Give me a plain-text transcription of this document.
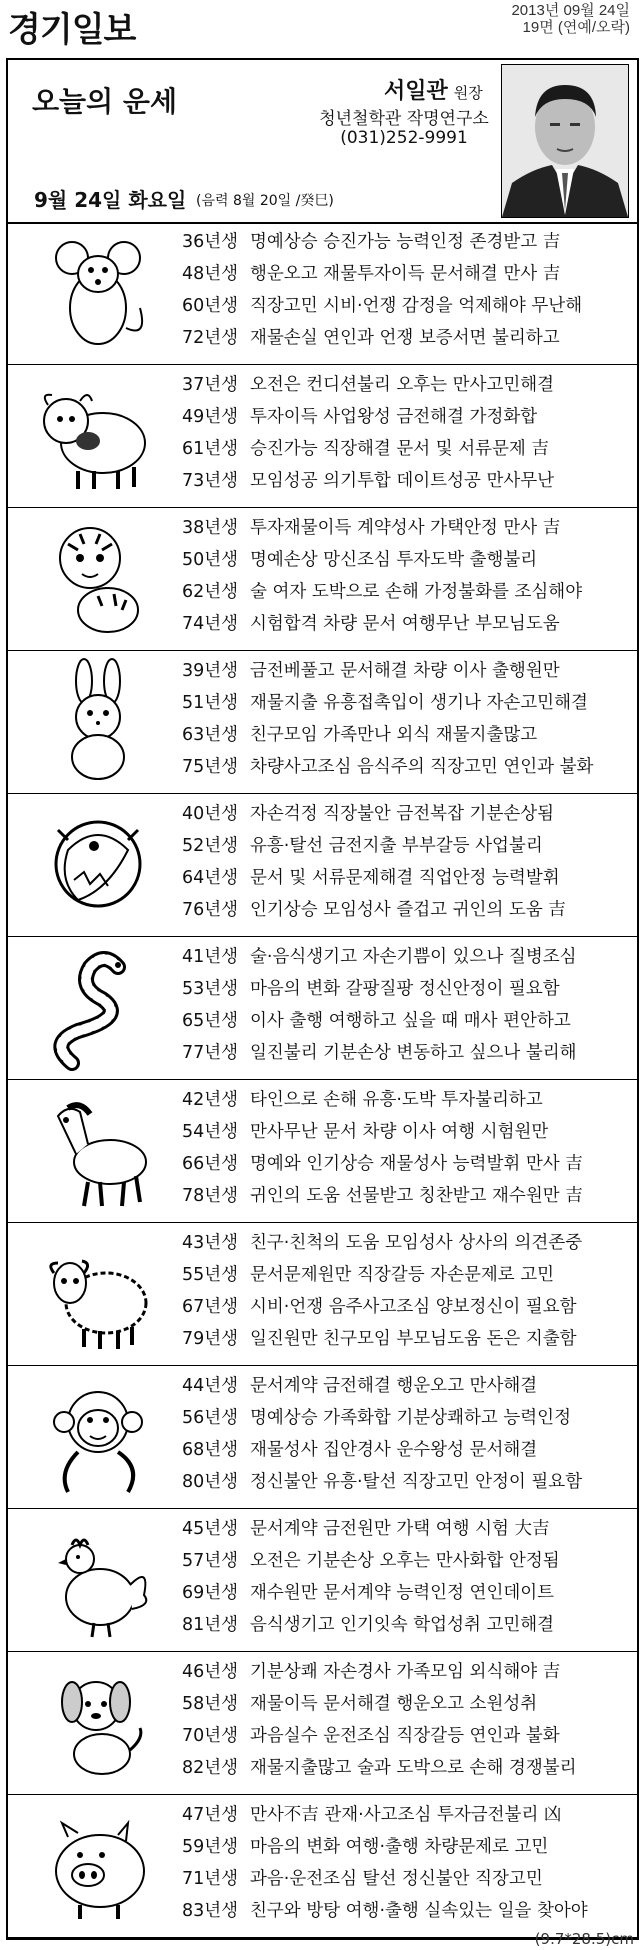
경기일보	2013년 09월 24일
19면 (연예/오락)
오늘의 운세	서일관 원장
청년철학관 작명연구소
(031)252-9991
9월 24일 화요일 (음력 8월 20일 /癸巳)
36년생 명예상승 승진가능 능력인정 존경받고 吉
48년생 행운오고 재물투자이득 문서해결 만사 吉
60년생 직장고민 시비·언쟁 감정을 억제해야 무난해
72년생 재물손실 연인과 언쟁 보증서면 불리하고
37년생 오전은 컨디션불리 오후는 만사고민해결
49년생 투자이득 사업왕성 금전해결 가정화합
61년생 승진가능 직장해결 문서 및 서류문제 吉
73년생 모임성공 의기투합 데이트성공 만사무난
38년생 투자재물이득 계약성사 가택안정 만사 吉
50년생 명예손상 망신조심 투자도박 출행불리
62년생 술 여자 도박으로 손해 가정불화를 조심해야
74년생 시험합격 차량 문서 여행무난 부모님도움
39년생 금전베풀고 문서해결 차량 이사 출행원만
51년생 재물지출 유흥접촉입이 생기나 자손고민해결
63년생 친구모임 가족만나 외식 재물지출많고
75년생 차량사고조심 음식주의 직장고민 연인과 불화
40년생 자손걱정 직장불안 금전복잡 기분손상됨
52년생 유흥·탈선 금전지출 부부갈등 사업불리
64년생 문서 및 서류문제해결 직업안정 능력발휘
76년생 인기상승 모임성사 즐겁고 귀인의 도움 吉
41년생 술·음식생기고 자손기쁨이 있으나 질병조심
53년생 마음의 변화 갈팡질팡 정신안정이 필요함
65년생 이사 출행 여행하고 싶을 때 매사 편안하고
77년생 일진불리 기분손상 변동하고 싶으나 불리해
42년생 타인으로 손해 유흥·도박 투자불리하고
54년생 만사무난 문서 차량 이사 여행 시험원만
66년생 명예와 인기상승 재물성사 능력발휘 만사 吉
78년생 귀인의 도움 선물받고 칭찬받고 재수원만 吉
43년생 친구·친척의 도움 모임성사 상사의 의견존중
55년생 문서문제원만 직장갈등 자손문제로 고민
67년생 시비·언쟁 음주사고조심 양보정신이 필요함
79년생 일진원만 친구모임 부모님도움 돈은 지출함
44년생 문서계약 금전해결 행운오고 만사해결
56년생 명예상승 가족화합 기분상쾌하고 능력인정
68년생 재물성사 집안경사 운수왕성 문서해결
80년생 정신불안 유흥·탈선 직장고민 안정이 필요함
45년생 문서계약 금전원만 가택 여행 시험 大吉
57년생 오전은 기분손상 오후는 만사화합 안정됨
69년생 재수원만 문서계약 능력인정 연인데이트
81년생 음식생기고 인기잇속 학업성취 고민해결
46년생 기분상쾌 자손경사 가족모임 외식해야 吉
58년생 재물이득 문서해결 행운오고 소원성취
70년생 과음실수 운전조심 직장갈등 연인과 불화
82년생 재물지출많고 술과 도박으로 손해 경쟁불리
47년생 만사不吉 관재·사고조심 투자금전불리 凶
59년생 마음의 변화 여행·출행 차량문제로 고민
71년생 과음·운전조심 탈선 정신불안 직장고민
83년생 친구와 방탕 여행·출행 실속있는 일을 찾아야
(9.7*28.5)cm
